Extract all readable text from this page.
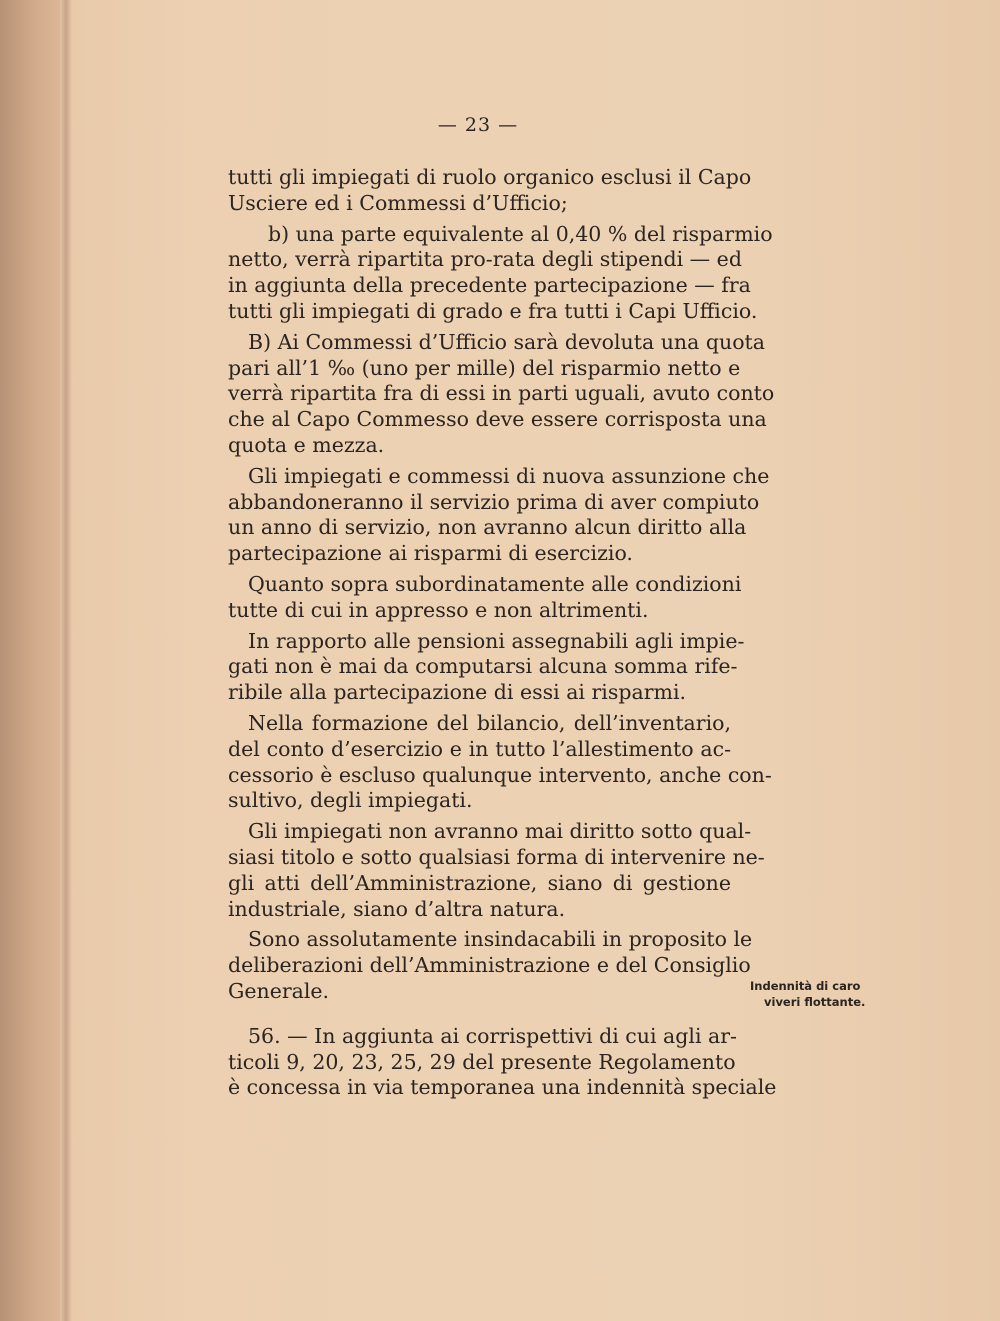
— 23 —
tutti gli impiegati di ruolo organico esclusi il Capo
Usciere ed i Commessi d’Ufficio;
b) una parte equivalente al 0,40 % del risparmio
netto, verrà ripartita pro-rata degli stipendi — ed
in aggiunta della precedente partecipazione — fra
tutti gli impiegati di grado e fra tutti i Capi Ufficio.
B) Ai Commessi d’Ufficio sarà devoluta una quota
pari all’1 ‰ (uno per mille) del risparmio netto e
verrà ripartita fra di essi in parti uguali, avuto conto
che al Capo Commesso deve essere corrisposta una
quota e mezza.
Gli impiegati e commessi di nuova assunzione che
abbandoneranno il servizio prima di aver compiuto
un anno di servizio, non avranno alcun diritto alla
partecipazione ai risparmi di esercizio.
Quanto sopra subordinatamente alle condizioni
tutte di cui in appresso e non altrimenti.
In rapporto alle pensioni assegnabili agli impie-
gati non è mai da computarsi alcuna somma rife-
ribile alla partecipazione di essi ai risparmi.
Nella formazione del bilancio, dell’inventario,
del conto d’esercizio e in tutto l’allestimento ac-
cessorio è escluso qualunque intervento, anche con-
sultivo, degli impiegati.
Gli impiegati non avranno mai diritto sotto qual-
siasi titolo e sotto qualsiasi forma di intervenire ne-
gli atti dell’Amministrazione, siano di gestione
industriale, siano d’altra natura.
Sono assolutamente insindacabili in proposito le
deliberazioni dell’Amministrazione e del Consiglio
Generale.
56. — In aggiunta ai corrispettivi di cui agli ar-
ticoli 9, 20, 23, 25, 29 del presente Regolamento
è concessa in via temporanea una indennità speciale
Indennità di caro
viveri flottante.
